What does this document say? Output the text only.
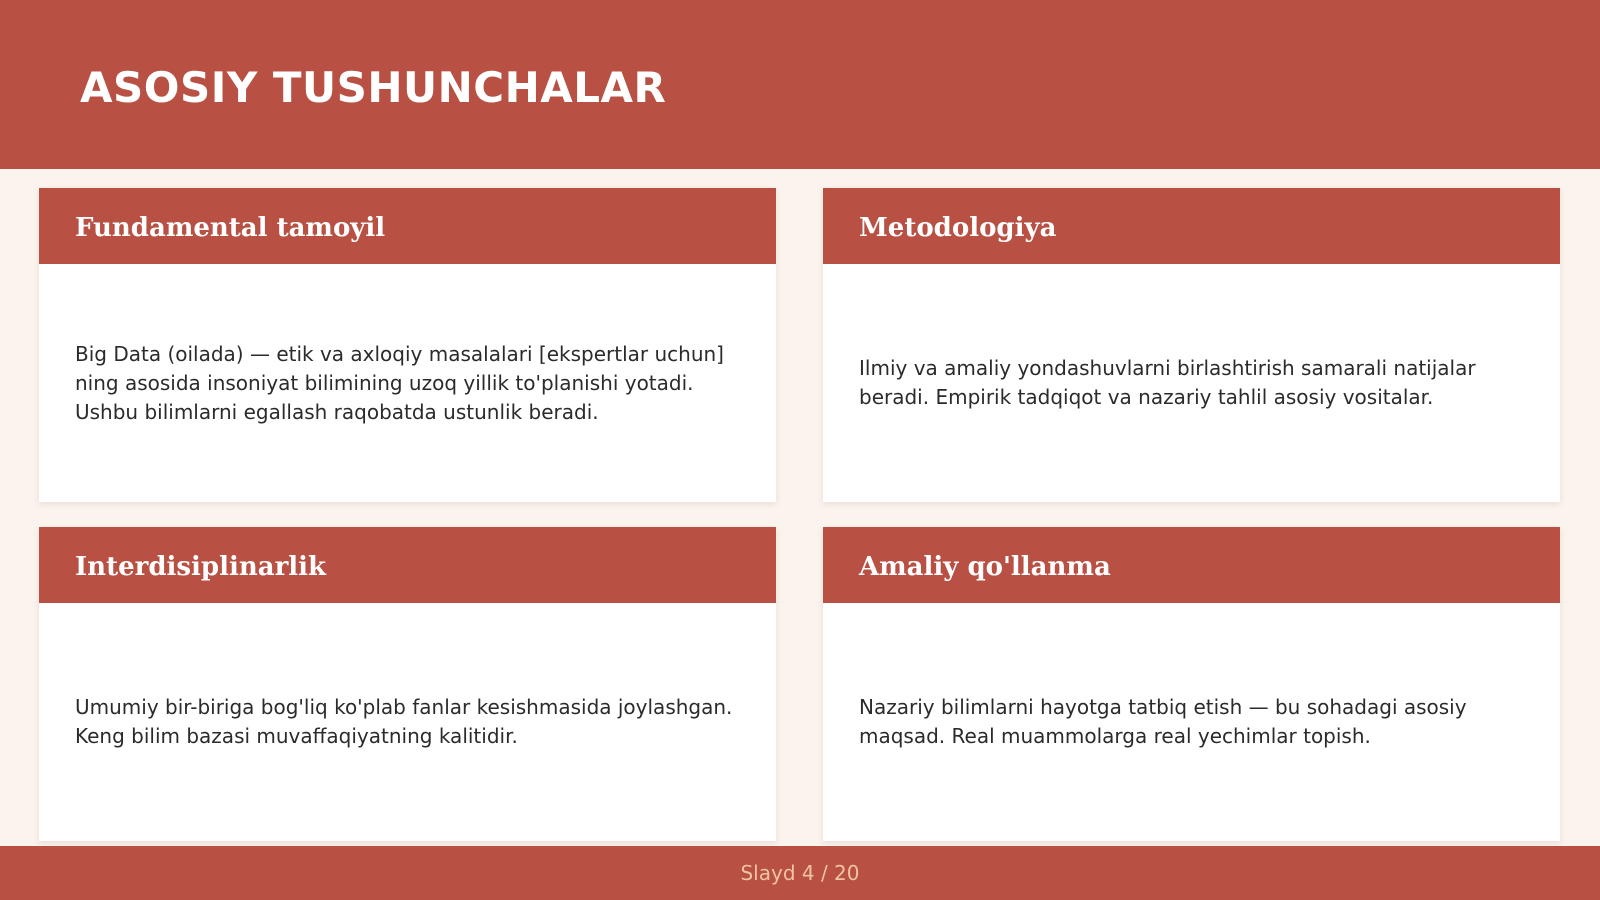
ASOSIY TUSHUNCHALAR
Fundamental tamoyil

Big Data (oilada) — etik va axloqiy masalalari [ekspertlar uchun] ning asosida insoniyat bilimining uzoq yillik to'planishi yotadi. Ushbu bilimlarni egallash raqobatda ustunlik beradi.

Metodologiya

Ilmiy va amaliy yondashuvlarni birlashtirish samarali natijalar beradi. Empirik tadqiqot va nazariy tahlil asosiy vositalar.

Interdisiplinarlik

Umumiy bir-biriga bog'liq ko'plab fanlar kesishmasida joylashgan. Keng bilim bazasi muvaffaqiyatning kalitidir.

Amaliy qo'llanma

Nazariy bilimlarni hayotga tatbiq etish — bu sohadagi asosiy maqsad. Real muammolarga real yechimlar topish.

Slayd 4 / 20
